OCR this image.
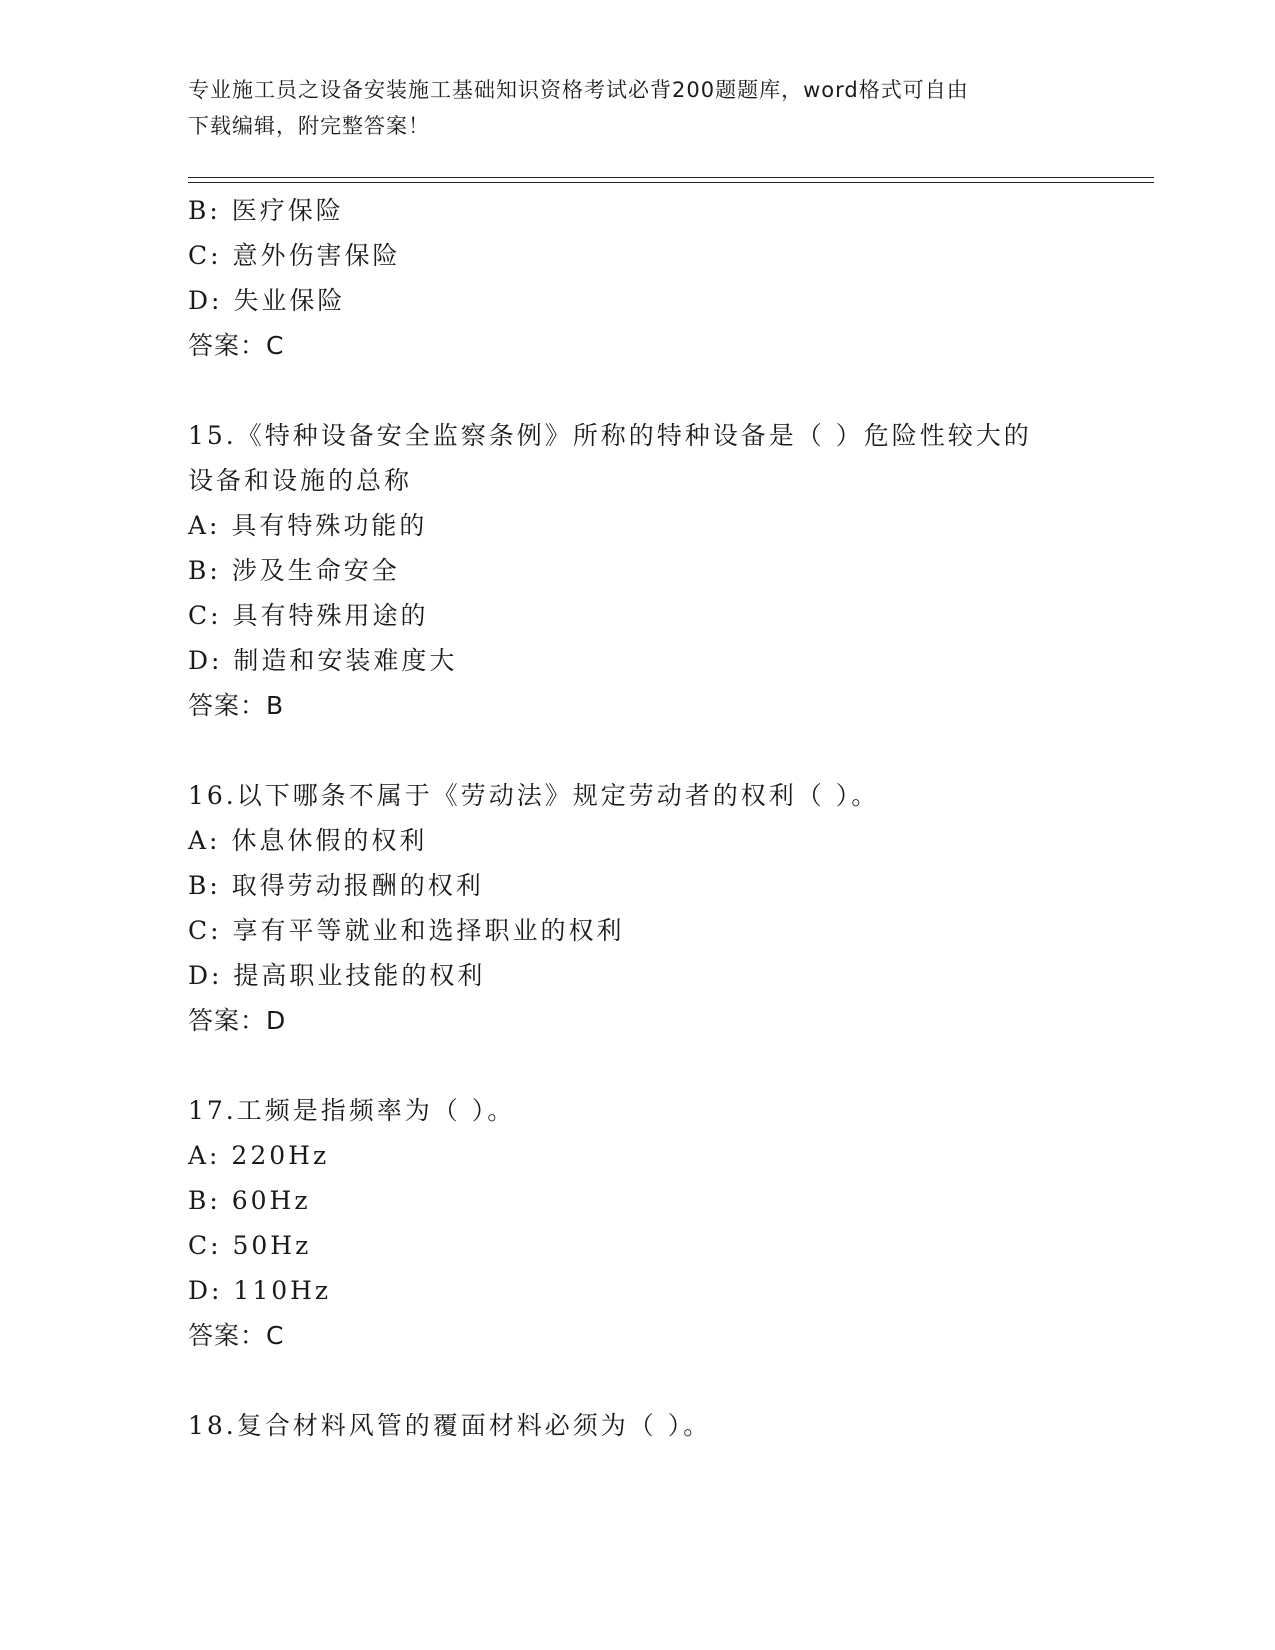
专业施工员之设备安装施工基础知识资格考试必背200题题库，word格式可自由
下载编辑，附完整答案！
B: 医疗保险
C: 意外伤害保险
D: 失业保险
答案：C
15.《特种设备安全监察条例》所称的特种设备是（ ）危险性较大的
设备和设施的总称
A: 具有特殊功能的
B: 涉及生命安全
C: 具有特殊用途的
D: 制造和安装难度大
答案：B
16.以下哪条不属于《劳动法》规定劳动者的权利（ ）。
A: 休息休假的权利
B: 取得劳动报酬的权利
C: 享有平等就业和选择职业的权利
D: 提高职业技能的权利
答案：D
17.工频是指频率为（ ）。
A: 220Hz
B: 60Hz
C: 50Hz
D: 110Hz
答案：C
18.复合材料风管的覆面材料必须为（ ）。
